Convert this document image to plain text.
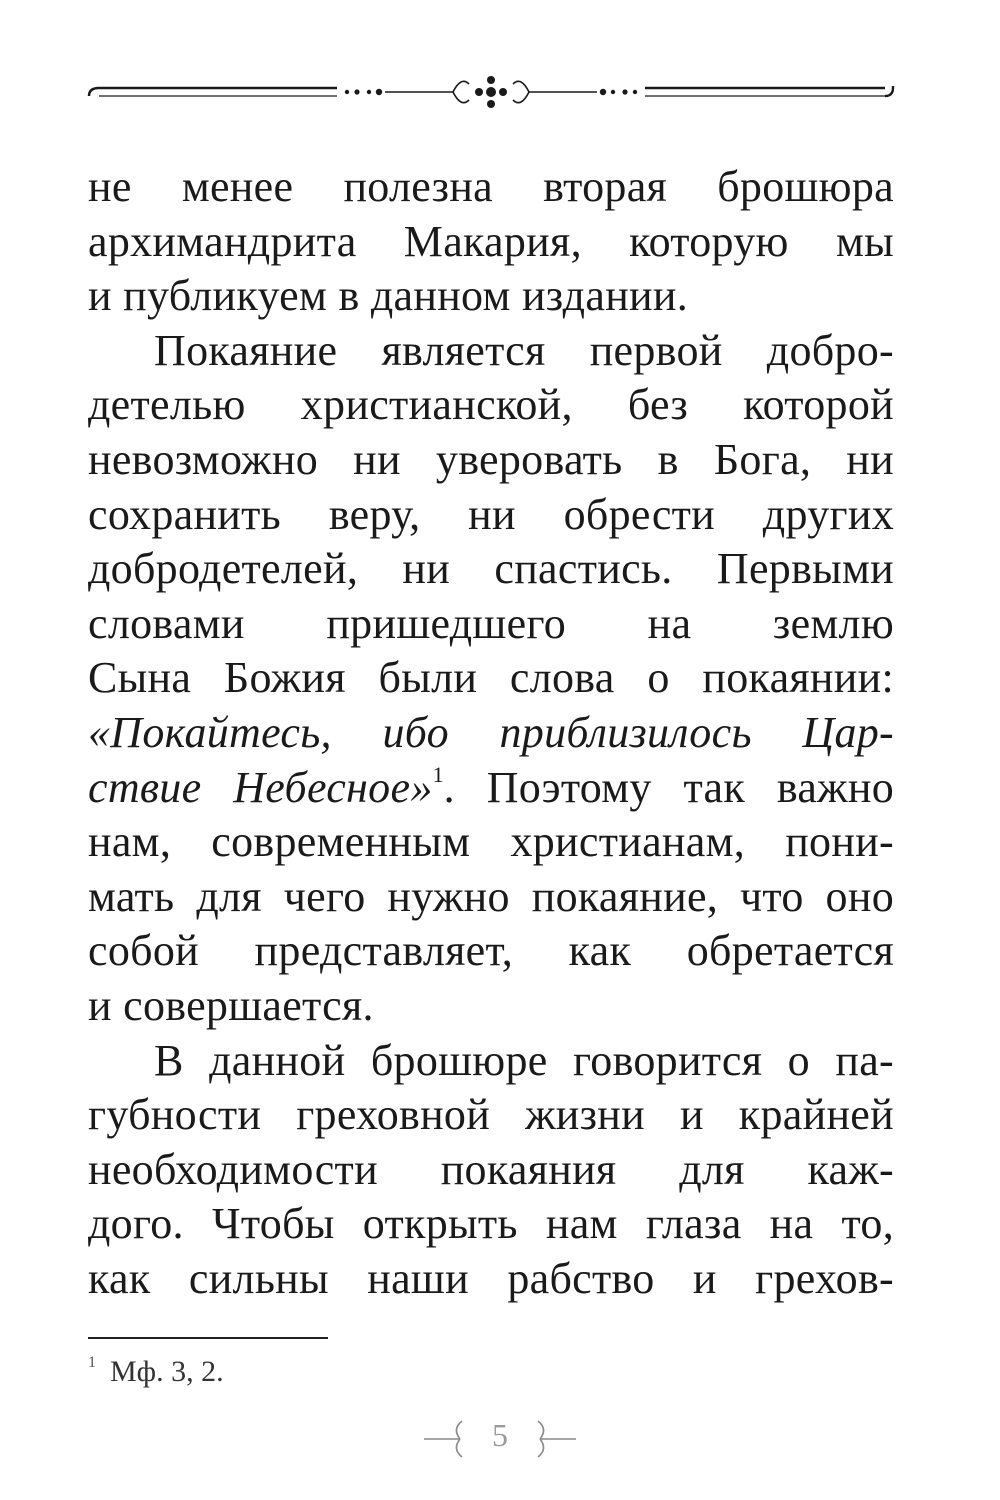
не менее полезна вторая брошюра
архимандрита Макария, которую мы
и публикуем в данном издании.

Покаяние является первой добро-
детелью христианской, без которой
невозможно ни уверовать в Бога, ни
сохранить веру, ни обрести других
добродетелей, ни спастись. Первыми
словами пришедшего на землю
Сына Божия были слова о покаянии:
«Покайтесь, ибо приблизилось Цар-
ствие Небесное»$^1$. Поэтому так важно
нам, современным христианам, пони-
мать для чего нужно покаяние, что оно
собой представляет, как обретается
и совершается.

В данной брошюре говорится о па-
губности греховной жизни и крайней
необходимости покаяния для каж-
дого. Чтобы открыть нам глаза на то,
как сильны наши рабство и грехов-

$^1$ Мф. 3, 2.
5
